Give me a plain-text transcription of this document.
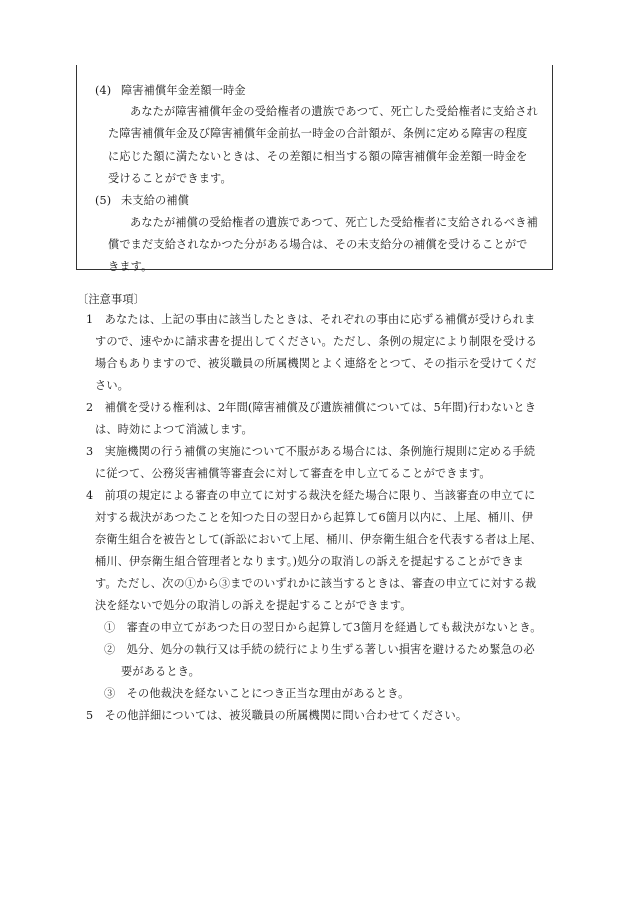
(4) 障害補償年金差額一時金
あなたが障害補償年金の受給権者の遺族であつて、死亡した受給権者に支給され
た障害補償年金及び障害補償年金前払一時金の合計額が、条例に定める障害の程度
に応じた額に満たないときは、その差額に相当する額の障害補償年金差額一時金を
受けることができます。
(5) 未支給の補償
あなたが補償の受給権者の遺族であつて、死亡した受給権者に支給されるべき補
償でまだ支給されなかつた分がある場合は、その未支給分の補償を受けることがで
きます。
〔注意事項〕
1　あなたは、上記の事由に該当したときは、それぞれの事由に応ずる補償が受けられま
すので、速やかに請求書を提出してください。ただし、条例の規定により制限を受ける
場合もありますので、被災職員の所属機関とよく連絡をとつて、その指示を受けてくだ
さい。
2　補償を受ける権利は、2年間(障害補償及び遺族補償については、5年間)行わないとき
は、時効によつて消滅します。
3　実施機関の行う補償の実施について不服がある場合には、条例施行規則に定める手続
に従つて、公務災害補償等審査会に対して審査を申し立てることができます。
4　前項の規定による審査の申立てに対する裁決を経た場合に限り、当該審査の申立てに
対する裁決があつたことを知つた日の翌日から起算して6箇月以内に、上尾、桶川、伊
奈衛生組合を被告として(訴訟において上尾、桶川、伊奈衛生組合を代表する者は上尾、
桶川、伊奈衛生組合管理者となります。)処分の取消しの訴えを提起することができま
す。ただし、次の①から③までのいずれかに該当するときは、審査の申立てに対する裁
決を経ないで処分の取消しの訴えを提起することができます。
①　審査の申立てがあつた日の翌日から起算して3箇月を経過しても裁決がないとき。
②　処分、処分の執行又は手続の続行により生ずる著しい損害を避けるため緊急の必
要があるとき。
③　その他裁決を経ないことにつき正当な理由があるとき。
5　その他詳細については、被災職員の所属機関に問い合わせてください。
